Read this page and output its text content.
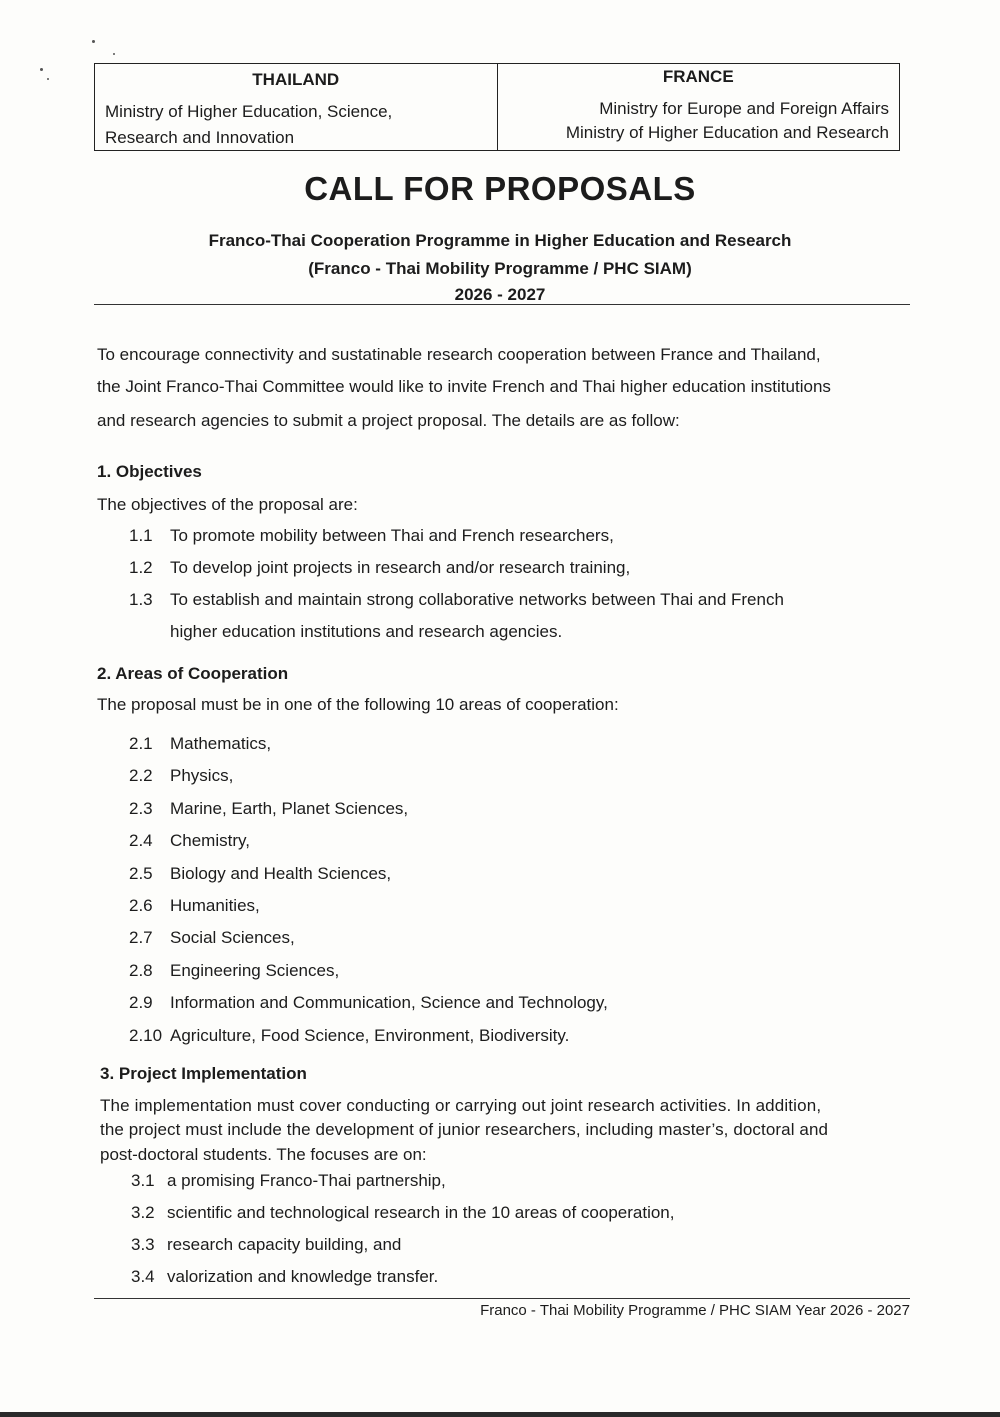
THAILAND
Ministry of Higher Education, Science,
Research and Innovation
FRANCE
Ministry for Europe and Foreign Affairs
Ministry of Higher Education and Research
CALL FOR PROPOSALS
Franco-Thai Cooperation Programme in Higher Education and Research
(Franco - Thai Mobility Programme / PHC SIAM)
2026 - 2027
To encourage connectivity and sustatinable research cooperation between France and Thailand,
the Joint Franco-Thai Committee would like to invite French and Thai higher education institutions
and research agencies to submit a project proposal. The details are as follow:
1. Objectives
The objectives of the proposal are:
1.1 To promote mobility between Thai and French researchers,
1.2 To develop joint projects in research and/or research training,
1.3 To establish and maintain strong collaborative networks between Thai and French
higher education institutions and research agencies.
2. Areas of Cooperation
The proposal must be in one of the following 10 areas of cooperation:
2.1 Mathematics,
2.2 Physics,
2.3 Marine, Earth, Planet Sciences,
2.4 Chemistry,
2.5 Biology and Health Sciences,
2.6 Humanities,
2.7 Social Sciences,
2.8 Engineering Sciences,
2.9 Information and Communication, Science and Technology,
2.10 Agriculture, Food Science, Environment, Biodiversity.
3. Project Implementation
The implementation must cover conducting or carrying out joint research activities. In addition,
the project must include the development of junior researchers, including master’s, doctoral and
post-doctoral students. The focuses are on:
3.1 a promising Franco-Thai partnership,
3.2 scientific and technological research in the 10 areas of cooperation,
3.3 research capacity building, and
3.4 valorization and knowledge transfer.
Franco - Thai Mobility Programme / PHC SIAM Year 2026 - 2027
